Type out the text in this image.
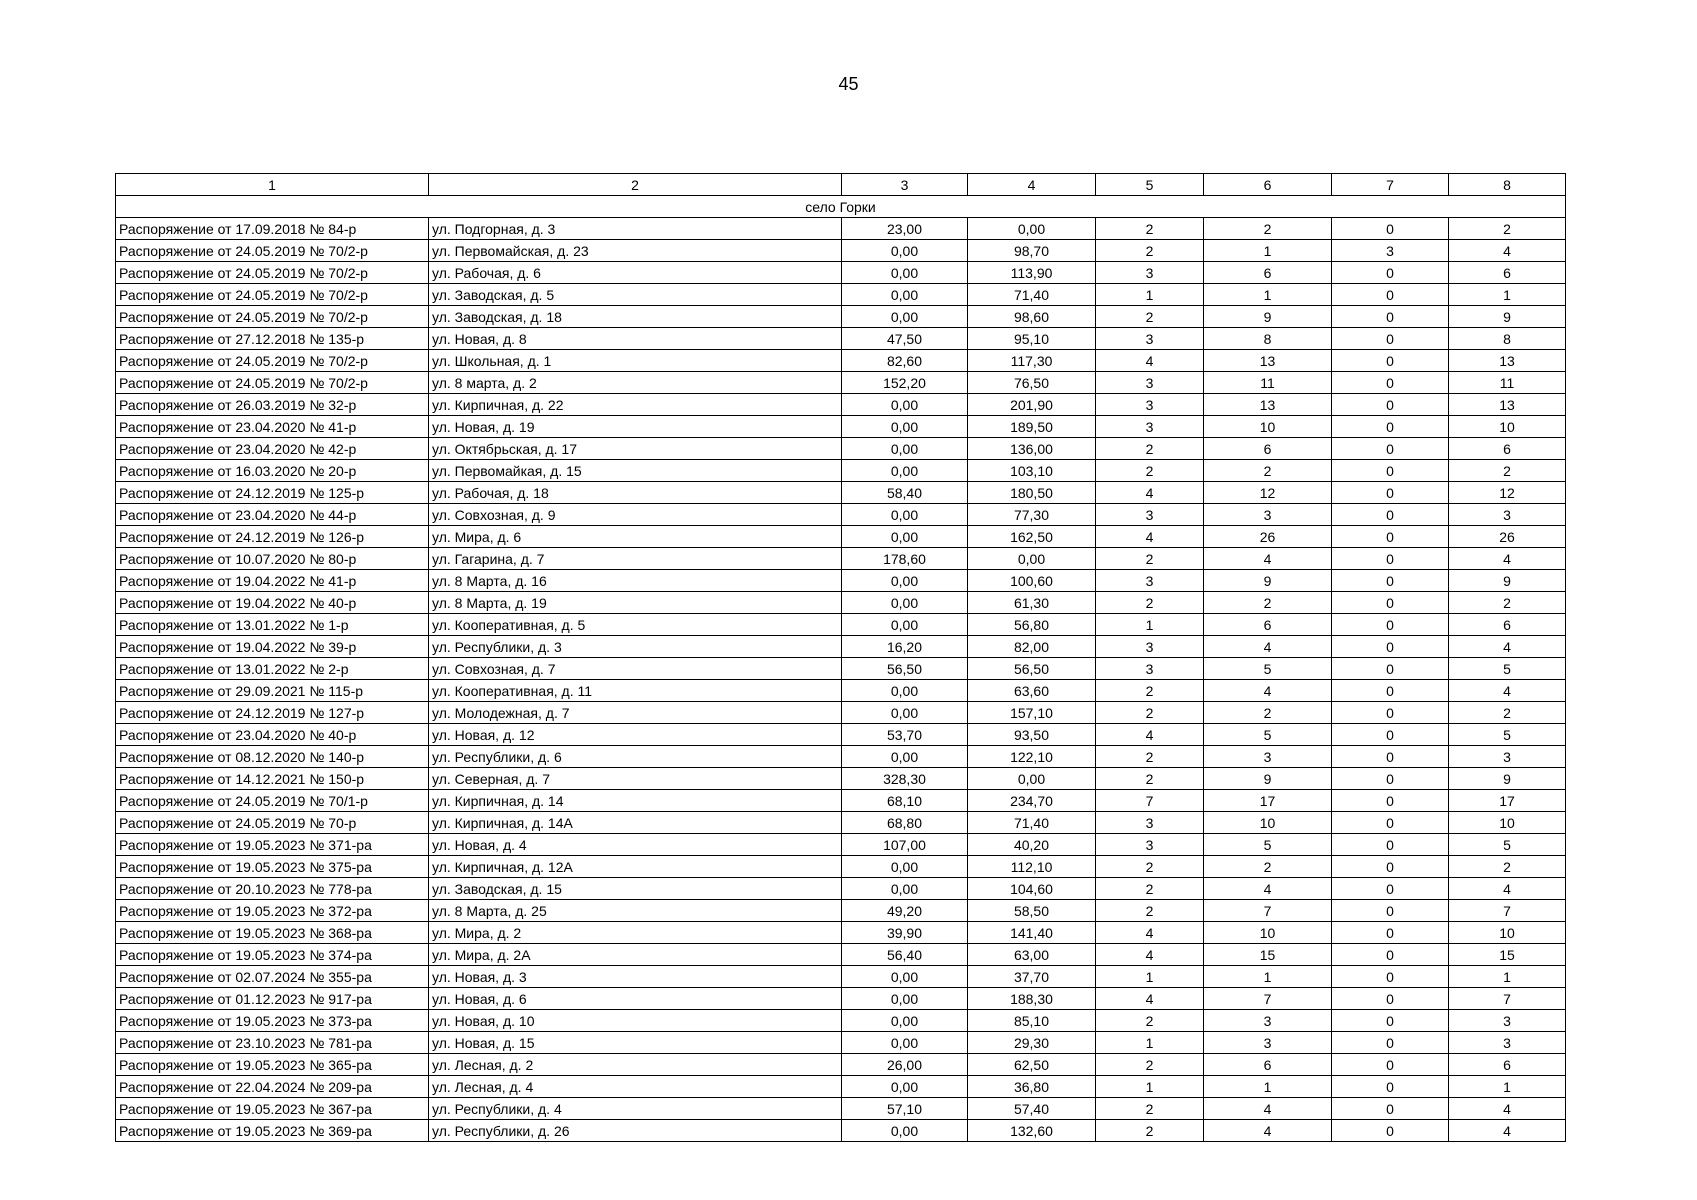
45
1	2	3	4	5	6	7	8
село Горки							
Распоряжение от 17.09.2018 № 84-р	ул. Подгорная, д. 3	23,00	0,00	2	2	0	2
Распоряжение от 24.05.2019 № 70/2-р	ул. Первомайская, д. 23	0,00	98,70	2	1	3	4
Распоряжение от 24.05.2019 № 70/2-р	ул. Рабочая, д. 6	0,00	113,90	3	6	0	6
Распоряжение от 24.05.2019 № 70/2-р	ул. Заводская, д. 5	0,00	71,40	1	1	0	1
Распоряжение от 24.05.2019 № 70/2-р	ул. Заводская, д. 18	0,00	98,60	2	9	0	9
Распоряжение от 27.12.2018 № 135-р	ул. Новая, д. 8	47,50	95,10	3	8	0	8
Распоряжение от 24.05.2019 № 70/2-р	ул. Школьная, д. 1	82,60	117,30	4	13	0	13
Распоряжение от 24.05.2019 № 70/2-р	ул. 8 марта, д. 2	152,20	76,50	3	11	0	11
Распоряжение от 26.03.2019 № 32-р	ул. Кирпичная, д. 22	0,00	201,90	3	13	0	13
Распоряжение от 23.04.2020 № 41-р	ул. Новая, д. 19	0,00	189,50	3	10	0	10
Распоряжение от 23.04.2020 № 42-р	ул. Октябрьская, д. 17	0,00	136,00	2	6	0	6
Распоряжение от 16.03.2020 № 20-р	ул. Первомайкая, д. 15	0,00	103,10	2	2	0	2
Распоряжение от 24.12.2019 № 125-р	ул. Рабочая, д. 18	58,40	180,50	4	12	0	12
Распоряжение от 23.04.2020 № 44-р	ул. Совхозная, д. 9	0,00	77,30	3	3	0	3
Распоряжение от 24.12.2019 № 126-р	ул. Мира, д. 6	0,00	162,50	4	26	0	26
Распоряжение от 10.07.2020 № 80-р	ул. Гагарина, д. 7	178,60	0,00	2	4	0	4
Распоряжение от 19.04.2022 № 41-р	ул. 8 Марта, д. 16	0,00	100,60	3	9	0	9
Распоряжение от 19.04.2022 № 40-р	ул. 8 Марта, д. 19	0,00	61,30	2	2	0	2
Распоряжение от 13.01.2022 № 1-р	ул. Кооперативная, д. 5	0,00	56,80	1	6	0	6
Распоряжение от 19.04.2022 № 39-р	ул. Республики, д. 3	16,20	82,00	3	4	0	4
Распоряжение от 13.01.2022 № 2-р	ул. Совхозная, д. 7	56,50	56,50	3	5	0	5
Распоряжение от 29.09.2021 № 115-р	ул. Кооперативная, д. 11	0,00	63,60	2	4	0	4
Распоряжение от 24.12.2019 № 127-р	ул. Молодежная, д. 7	0,00	157,10	2	2	0	2
Распоряжение от 23.04.2020 № 40-р	ул. Новая, д. 12	53,70	93,50	4	5	0	5
Распоряжение от 08.12.2020 № 140-р	ул. Республики, д. 6	0,00	122,10	2	3	0	3
Распоряжение от 14.12.2021 № 150-р	ул. Северная, д. 7	328,30	0,00	2	9	0	9
Распоряжение от 24.05.2019 № 70/1-р	ул. Кирпичная, д. 14	68,10	234,70	7	17	0	17
Распоряжение от 24.05.2019 № 70-р	ул. Кирпичная, д. 14А	68,80	71,40	3	10	0	10
Распоряжение от 19.05.2023 № 371-ра	ул. Новая, д. 4	107,00	40,20	3	5	0	5
Распоряжение от 19.05.2023 № 375-ра	ул. Кирпичная, д. 12А	0,00	112,10	2	2	0	2
Распоряжение от 20.10.2023 № 778-ра	ул. Заводская, д. 15	0,00	104,60	2	4	0	4
Распоряжение от 19.05.2023 № 372-ра	ул. 8 Марта, д. 25	49,20	58,50	2	7	0	7
Распоряжение от 19.05.2023 № 368-ра	ул. Мира, д. 2	39,90	141,40	4	10	0	10
Распоряжение от 19.05.2023 № 374-ра	ул. Мира, д. 2А	56,40	63,00	4	15	0	15
Распоряжение от 02.07.2024 № 355-ра	ул. Новая, д. 3	0,00	37,70	1	1	0	1
Распоряжение от 01.12.2023 № 917-ра	ул. Новая, д. 6	0,00	188,30	4	7	0	7
Распоряжение от 19.05.2023 № 373-ра	ул. Новая, д. 10	0,00	85,10	2	3	0	3
Распоряжение от 23.10.2023 № 781-ра	ул. Новая, д. 15	0,00	29,30	1	3	0	3
Распоряжение от 19.05.2023 № 365-ра	ул. Лесная, д. 2	26,00	62,50	2	6	0	6
Распоряжение от 22.04.2024 № 209-ра	ул. Лесная, д. 4	0,00	36,80	1	1	0	1
Распоряжение от 19.05.2023 № 367-ра	ул. Республики, д. 4	57,10	57,40	2	4	0	4
Распоряжение от 19.05.2023 № 369-ра	ул. Республики, д. 26	0,00	132,60	2	4	0	4
